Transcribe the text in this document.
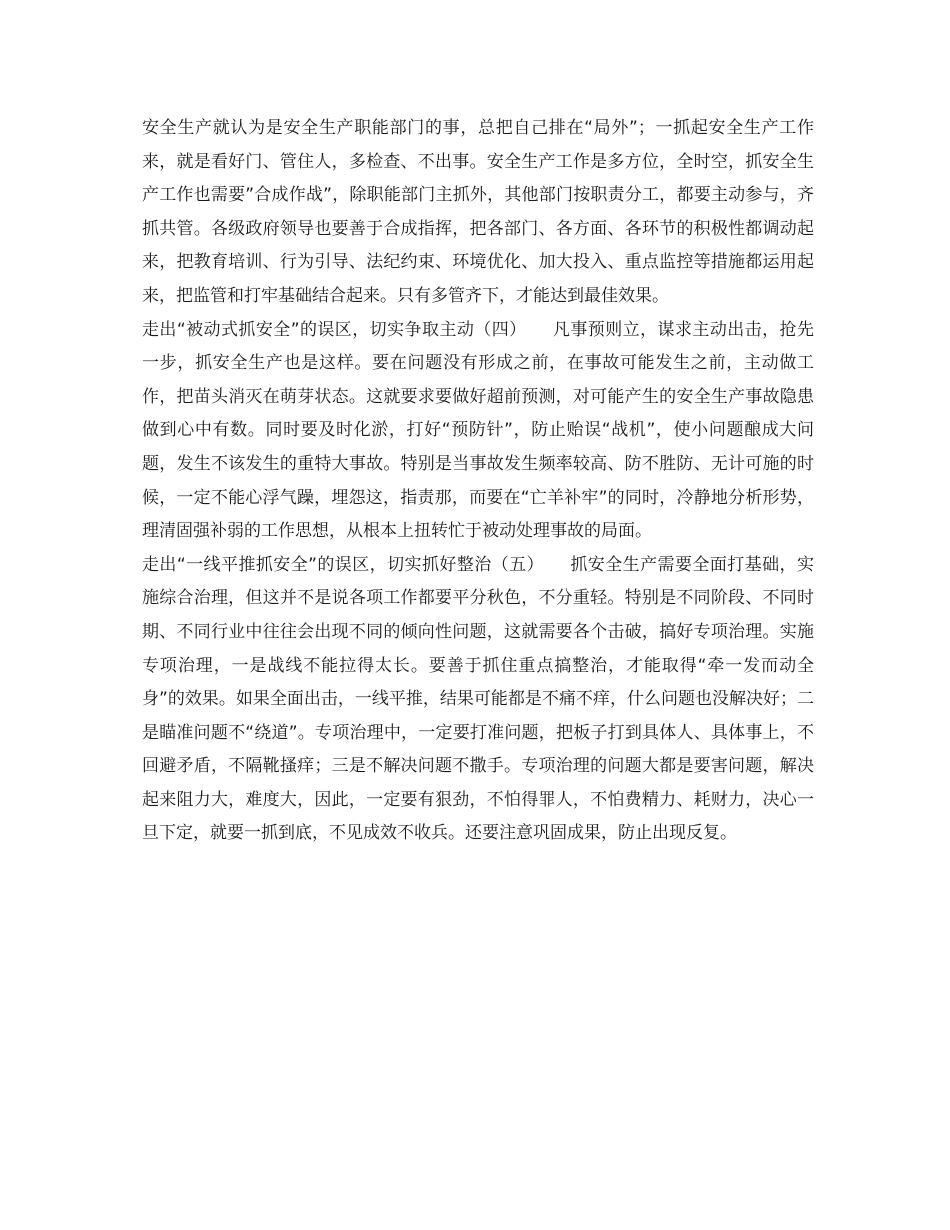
安全生产就认为是安全生产职能部门的事，总把自己排在“局外”；一抓起安全生产工作来，就是看好门、管住人，多检查、不出事。安全生产工作是多方位，全时空，抓安全生产工作也需要”合成作战”，除职能部门主抓外，其他部门按职责分工，都要主动参与，齐抓共管。各级政府领导也要善于合成指挥，把各部门、各方面、各环节的积极性都调动起来，把教育培训、行为引导、法纪约束、环境优化、加大投入、重点监控等措施都运用起来，把监管和打牢基础结合起来。只有多管齐下，才能达到最佳效果。

走出“被动式抓安全”的误区，切实争取主动（四）　　凡事预则立，谋求主动出击，抢先一步，抓安全生产也是这样。要在问题没有形成之前，在事故可能发生之前，主动做工作，把苗头消灭在萌芽状态。这就要求要做好超前预测，对可能产生的安全生产事故隐患做到心中有数。同时要及时化淤，打好“预防针”，防止贻误“战机”，使小问题酿成大问题，发生不该发生的重特大事故。特别是当事故发生频率较高、防不胜防、无计可施的时候，一定不能心浮气躁，埋怨这，指责那，而要在“亡羊补牢”的同时，冷静地分析形势，理清固强补弱的工作思想，从根本上扭转忙于被动处理事故的局面。

走出“一线平推抓安全”的误区，切实抓好整治（五）　　抓安全生产需要全面打基础，实施综合治理，但这并不是说各项工作都要平分秋色，不分重轻。特别是不同阶段、不同时期、不同行业中往往会出现不同的倾向性问题，这就需要各个击破，搞好专项治理。实施专项治理，一是战线不能拉得太长。要善于抓住重点搞整治，才能取得“牵一发而动全身”的效果。如果全面出击，一线平推，结果可能都是不痛不痒，什么问题也没解决好；二是瞄准问题不“绕道”。专项治理中，一定要打准问题，把板子打到具体人、具体事上，不回避矛盾，不隔靴搔痒；三是不解决问题不撒手。专项治理的问题大都是要害问题，解决起来阻力大，难度大，因此，一定要有狠劲，不怕得罪人，不怕费精力、耗财力，决心一旦下定，就要一抓到底，不见成效不收兵。还要注意巩固成果，防止出现反复。
